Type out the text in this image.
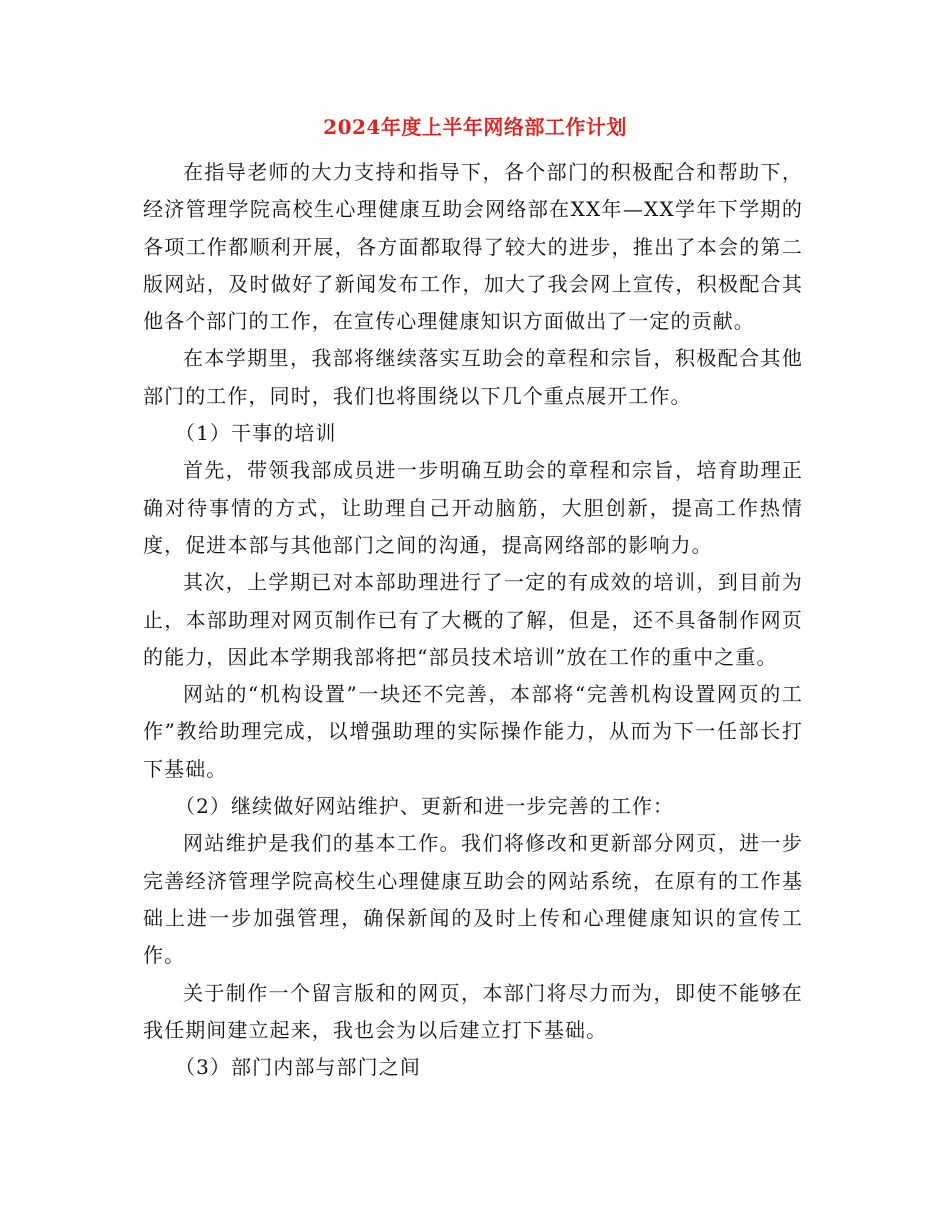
2024年度上半年网络部工作计划

在指导老师的大力支持和指导下，各个部门的积极配合和帮助下，经济管理学院高校生心理健康互助会网络部在XX年—XX学年下学期的各项工作都顺利开展，各方面都取得了较大的进步，推出了本会的第二版网站，及时做好了新闻发布工作，加大了我会网上宣传，积极配合其他各个部门的工作，在宣传心理健康知识方面做出了一定的贡献。

在本学期里，我部将继续落实互助会的章程和宗旨，积极配合其他部门的工作，同时，我们也将围绕以下几个重点展开工作。

（1）干事的培训

首先，带领我部成员进一步明确互助会的章程和宗旨，培育助理正确对待事情的方式，让助理自己开动脑筋，大胆创新，提高工作热情度，促进本部与其他部门之间的沟通，提高网络部的影响力。

其次，上学期已对本部助理进行了一定的有成效的培训，到目前为止，本部助理对网页制作已有了大概的了解，但是，还不具备制作网页的能力，因此本学期我部将把“部员技术培训”放在工作的重中之重。

网站的“机构设置”一块还不完善，本部将“完善机构设置网页的工作”教给助理完成，以增强助理的实际操作能力，从而为下一任部长打下基础。

（2）继续做好网站维护、更新和进一步完善的工作：

网站维护是我们的基本工作。我们将修改和更新部分网页，进一步完善经济管理学院高校生心理健康互助会的网站系统，在原有的工作基础上进一步加强管理，确保新闻的及时上传和心理健康知识的宣传工作。

关于制作一个留言版和的网页，本部门将尽力而为，即使不能够在我任期间建立起来，我也会为以后建立打下基础。

（3）部门内部与部门之间
